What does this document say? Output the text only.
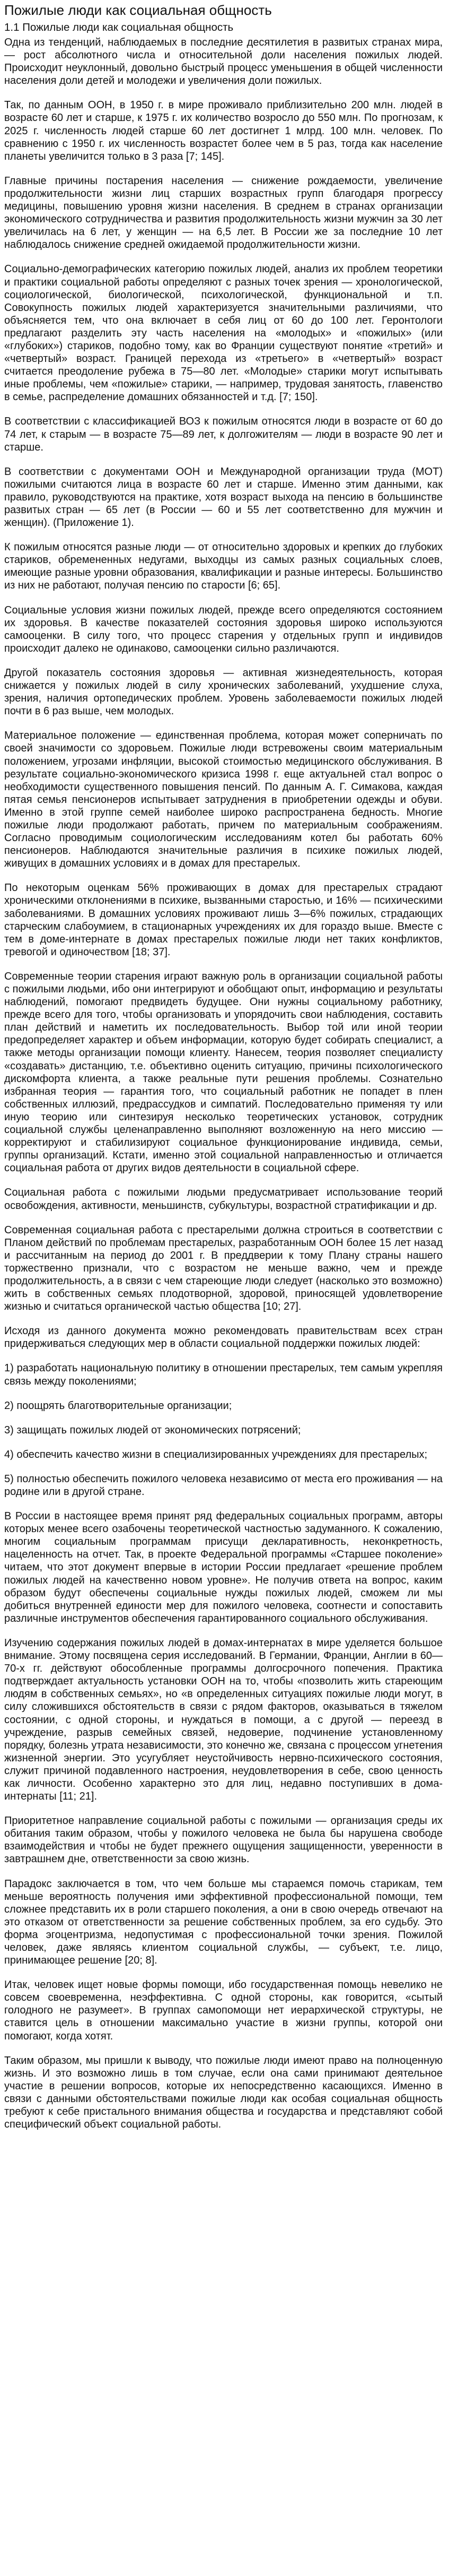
Пожилые люди как социальная общность
1.1 Пожилые люди как социальная общность

Одна из тенденций, наблюдаемых в последние десятилетия в развитых странах мира, — рост абсолютного числа и относительной доли населения пожилых людей. Происходит неуклонный, довольно быстрый процесс уменьшения в общей численности населения доли детей и молодежи и увеличения доли пожилых.

Так, по данным ООН, в 1950 г. в мире проживало приблизительно 200 млн. людей в возрасте 60 лет и старше, к 1975 г. их количество возросло до 550 млн. По прогнозам, к 2025 г. численность людей старше 60 лет достигнет 1 млрд. 100 млн. человек. По сравнению с 1950 г. их численность возрастет более чем в 5 раз, тогда как население планеты увеличится только в 3 раза [7; 145].

Главные причины постарения населения — снижение рождаемости, увеличение продолжительности жизни лиц старших возрастных групп благодаря прогрессу медицины, повышению уровня жизни населения. В среднем в странах организации экономического сотрудничества и развития продолжительность жизни мужчин за 30 лет увеличилась на 6 лет, у женщин — на 6,5 лет. В России же за последние 10 лет наблюдалось снижение средней ожидаемой продолжительности жизни.

Социально-демографических категорию пожилых людей, анализ их проблем теоретики и практики социальной работы определяют с разных точек зрения — хронологической, социологической, биологической, психологической, функциональной и т.п. Совокупность пожилых людей характеризуется значительными различиями, что объясняется тем, что она включает в себя лиц от 60 до 100 лет. Геронтологи предлагают разделить эту часть населения на «молодых» и «пожилых» (или «глубоких») стариков, подобно тому, как во Франции существуют понятие «третий» и «четвертый» возраст. Границей перехода из «третьего» в «четвертый» возраст считается преодоление рубежа в 75—80 лет. «Молодые» старики могут испытывать иные проблемы, чем «пожилые» старики, — например, трудовая занятость, главенство в семье, распределение домашних обязанностей и т.д. [7; 150].

В соответствии с классификацией ВОЗ к пожилым относятся люди в возрасте от 60 до 74 лет, к старым — в возрасте 75—89 лет, к долгожителям — люди в возрасте 90 лет и старше.

В соответствии с документами ООН и Международной организации труда (МОТ) пожилыми считаются лица в возрасте 60 лет и старше. Именно этим данными, как правило, руководствуются на практике, хотя возраст выхода на пенсию в большинстве развитых стран — 65 лет (в России — 60 и 55 лет соответственно для мужчин и женщин). (Приложение 1).

К пожилым относятся разные люди — от относительно здоровых и крепких до глубоких стариков, обремененных недугами, выходцы из самых разных социальных слоев, имеющие разные уровни образования, квалификации и разные интересы. Большинство из них не работают, получая пенсию по старости [6; 65].

Социальные условия жизни пожилых людей, прежде всего определяются состоянием их здоровья. В качестве показателей состояния здоровья широко используются самооценки. В силу того, что процесс старения у отдельных групп и индивидов происходит далеко не одинаково, самооценки сильно различаются.

Другой показатель состояния здоровья — активная жизнедеятельность, которая снижается у пожилых людей в силу хронических заболеваний, ухудшение слуха, зрения, наличия ортопедических проблем. Уровень заболеваемости пожилых людей почти в 6 раз выше, чем молодых.

Материальное положение — единственная проблема, которая может соперничать по своей значимости со здоровьем. Пожилые люди встревожены своим материальным положением, угрозами инфляции, высокой стоимостью медицинского обслуживания. В результате социально-экономического кризиса 1998 г. еще актуальней стал вопрос о необходимости существенного повышения пенсий. По данным А. Г. Симакова, каждая пятая семья пенсионеров испытывает затруднения в приобретении одежды и обуви. Именно в этой группе семей наиболее широко распространена бедность. Многие пожилые люди продолжают работать, причем по материальным соображениям. Согласно проводимым социологическим исследованиям котел бы работать 60% пенсионеров. Наблюдаются значительные различия в психике пожилых людей, живущих в домашних условиях и в домах для престарелых.

По некоторым оценкам 56% проживающих в домах для престарелых страдают хроническими отклонениями в психике, вызванными старостью, и 16% — психическими заболеваниями. В домашних условиях проживают лишь 3—6% пожилых, страдающих старческим слабоумием, в стационарных учреждениях их для гораздо выше. Вместе с тем в доме-интернате в домах престарелых пожилые люди нет таких конфликтов, тревогой и одиночеством [18; 37].

Современные теории старения играют важную роль в организации социальной работы с пожилыми людьми, ибо они интегрируют и обобщают опыт, информацию и результаты наблюдений, помогают предвидеть будущее. Они нужны социальному работнику, прежде всего для того, чтобы организовать и упорядочить свои наблюдения, составить план действий и наметить их последовательность. Выбор той или иной теории предопределяет характер и объем информации, которую будет собирать специалист, а также методы организации помощи клиенту. Нанесем, теория позволяет специалисту «создавать» дистанцию, т.е. объективно оценить ситуацию, причины психологического дискомфорта клиента, а также реальные пути решения проблемы. Сознательно избранная теория — гарантия того, что социальный работник не попадет в плен собственных иллюзий, предрассудков и симпатий. Последовательно применяя ту или иную теорию или синтезируя несколько теоретических установок, сотрудник социальной службы целенаправленно выполняют возложенную на него миссию — корректируют и стабилизируют социальное функционирование индивида, семьи, группы организаций. Кстати, именно этой социальной направленностью и отличается социальная работа от других видов деятельности в социальной сфере.

Социальная работа с пожилыми людьми предусматривает использование теорий освобождения, активности, меньшинств, субкультуры, возрастной стратификации и др.

Современная социальная работа с престарелыми должна строиться в соответствии с Планом действий по проблемам престарелых, разработанным ООН более 15 лет назад и рассчитанным на период до 2001 г. В преддверии к тому Плану страны нашего торжественно признали, что с возрастом не меньше важно, чем и прежде продолжительность, а в связи с чем стареющие люди следует (насколько это возможно) жить в собственных семьях плодотворной, здоровой, приносящей удовлетворение жизнью и считаться органической частью общества [10; 27].

Исходя из данного документа можно рекомендовать правительствам всех стран придерживаться следующих мер в области социальной поддержки пожилых людей:

1) разработать национальную политику в отношении престарелых, тем самым укрепляя связь между поколениями;

2) поощрять благотворительные организации;

3) защищать пожилых людей от экономических потрясений;

4) обеспечить качество жизни в специализированных учреждениях для престарелых;

5) полностью обеспечить пожилого человека независимо от места его проживания — на родине или в другой стране.

В России в настоящее время принят ряд федеральных социальных программ, авторы которых менее всего озабочены теоретической частностью задуманного. К сожалению, многим социальным программам присущи декларативность, неконкретность, нацеленность на отчет. Так, в проекте Федеральной программы «Старшее поколение» читаем, что этот документ впервые в истории России предлагает «решение проблем пожилых людей на качественно новом уровне». Не получив ответа на вопрос, каким образом будут обеспечены социальные нужды пожилых людей, сможем ли мы добиться внутренней единости мер для пожилого человека, соотнести и сопоставить различные инструментов обеспечения гарантированного социального обслуживания.

Изучению содержания пожилых людей в домах-интернатах в мире уделяется большое внимание. Этому посвящена серия исследований. В Германии, Франции, Англии в 60—70-х гг. действуют обособленные программы долгосрочного попечения. Практика подтверждает актуальность установки ООН на то, чтобы «позволить жить стареющим людям в собственных семьях», но «в определенных ситуациях пожилые люди могут, в силу сложившихся обстоятельств в связи с рядом факторов, оказываться в тяжелом состоянии, с одной стороны, и нуждаться в помощи, а с другой — переезд в учреждение, разрыв семейных связей, недоверие, подчинение установленному порядку, болезнь утрата независимости, это конечно же, связана с процессом угнетения жизненной энергии. Это усугубляет неустойчивость нервно-психического состояния, служит причиной подавленного настроения, неудовлетворения в себе, свою ценность как личности. Особенно характерно это для лиц, недавно поступивших в дома-интернаты [11; 21].

Приоритетное направление социальной работы с пожилыми — организация среды их обитания таким образом, чтобы у пожилого человека не была бы нарушена свободе взаимодействия и чтобы не будет прежнего ощущения защищенности, уверенности в завтрашнем дне, ответственности за свою жизнь.

Парадокс заключается в том, что чем больше мы стараемся помочь старикам, тем меньше вероятность получения ими эффективной профессиональной помощи, тем сложнее представить их в роли старшего поколения, а они в свою очередь отвечают на это отказом от ответственности за решение собственных проблем, за его судьбу. Это форма эгоцентризма, недопустимая с профессиональной точки зрения. Пожилой человек, даже являясь клиентом социальной службы, — субъект, т.е. лицо, принимающее решение [20; 8].

Итак, человек ищет новые формы помощи, ибо государственная помощь невелико не совсем своевременна, неэффективна. С одной стороны, как говорится, «сытый голодного не разумеет». В группах самопомощи нет иерархической структуры, не ставится цель в отношении максимально участие в жизни группы, которой они помогают, когда хотят.

Таким образом, мы пришли к выводу, что пожилые люди имеют право на полноценную жизнь. И это возможно лишь в том случае, если она сами принимают деятельное участие в решении вопросов, которые их непосредственно касающихся. Именно в связи с данными обстоятельствами пожилые люди как особая социальная общность требуют к себе пристального внимания общества и государства и представляют собой специфический объект социальной работы.
